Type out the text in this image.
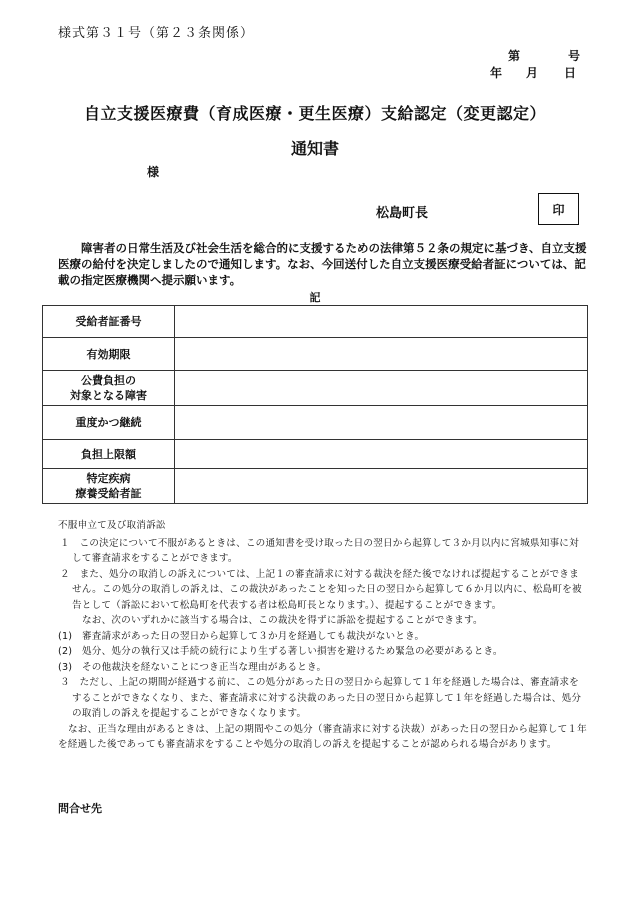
様式第３１号（第２３条関係）
第	号
年 月 日
自立支援医療費（育成医療・更生医療）支給認定（変更認定）
通知書
様
松島町長	印
障害者の日常生活及び社会生活を総合的に支援するための法律第５２条の規定に基づき、自立支援医療の給付を決定しましたので通知します。なお、今回送付した自立支援医療受給者証については、記載の指定医療機関へ提示願います。
記
受給者証番号	
有効期限	
公費負担の
対象となる障害	
重度かつ継続	
負担上限額	
特定疾病
療養受給者証	
不服申立て及び取消訴訟
１　この決定について不服があるときは、この通知書を受け取った日の翌日から起算して３か月以内に宮城県知事に対して審査請求をすることができます。
２　また、処分の取消しの訴えについては、上記１の審査請求に対する裁決を経た後でなければ提起することができません。この処分の取消しの訴えは、この裁決があったことを知った日の翌日から起算して６か月以内に、松島町を被告として（訴訟において松島町を代表する者は松島町長となります。）、提起することができます。
なお、次のいずれかに該当する場合は、この裁決を得ずに訴訟を提起することができます。
(1)　審査請求があった日の翌日から起算して３か月を経過しても裁決がないとき。
(2)　処分、処分の執行又は手続の続行により生ずる著しい損害を避けるため緊急の必要があるとき。
(3)　その他裁決を経ないことにつき正当な理由があるとき。
３　ただし、上記の期間が経過する前に、この処分があった日の翌日から起算して１年を経過した場合は、審査請求をすることができなくなり、また、審査請求に対する決裁のあった日の翌日から起算して１年を経過した場合は、処分の取消しの訴えを提起することができなくなります。
なお、正当な理由があるときは、上記の期間やこの処分（審査請求に対する決裁）があった日の翌日から起算して１年を経過した後であっても審査請求をすることや処分の取消しの訴えを提起することが認められる場合があります。
問合せ先
